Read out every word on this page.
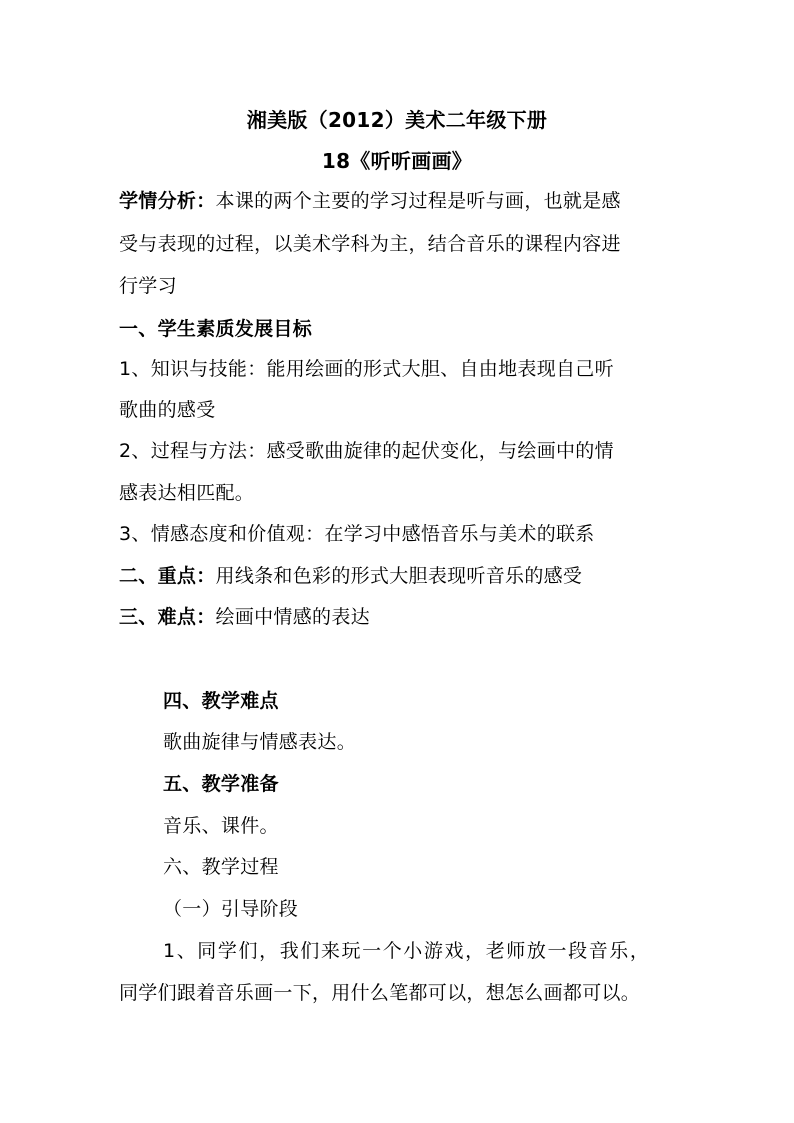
湘美版（2012）美术二年级下册
18《听听画画》
学情分析：本课的两个主要的学习过程是听与画，也就是感
受与表现的过程，以美术学科为主，结合音乐的课程内容进
行学习
一、学生素质发展目标
1、知识与技能：能用绘画的形式大胆、自由地表现自己听
歌曲的感受
2、过程与方法：感受歌曲旋律的起伏变化，与绘画中的情
感表达相匹配。
3、情感态度和价值观：在学习中感悟音乐与美术的联系
二、重点：用线条和色彩的形式大胆表现听音乐的感受
三、难点：绘画中情感的表达
四、教学难点
歌曲旋律与情感表达。
五、教学准备
音乐、课件。
六、教学过程
（一）引导阶段
1、同学们，我们来玩一个小游戏，老师放一段音乐，
同学们跟着音乐画一下，用什么笔都可以，想怎么画都可以。
